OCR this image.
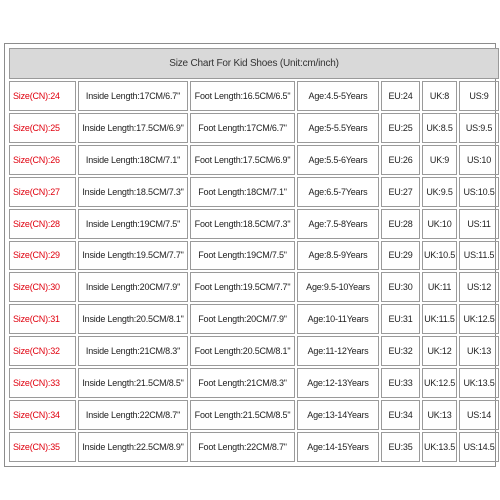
Size Chart For Kid Shoes (Unit:cm/inch)						
Size(CN):24	Inside Length:17CM/6.7"	Foot Length:16.5CM/6.5"	Age:4.5-5Years	EU:24	UK:8	US:9
Size(CN):25	Inside Length:17.5CM/6.9"	Foot Length:17CM/6.7"	Age:5-5.5Years	EU:25	UK:8.5	US:9.5
Size(CN):26	Inside Length:18CM/7.1"	Foot Length:17.5CM/6.9"	Age:5.5-6Years	EU:26	UK:9	US:10
Size(CN):27	Inside Length:18.5CM/7.3"	Foot Length:18CM/7.1"	Age:6.5-7Years	EU:27	UK:9.5	US:10.5
Size(CN):28	Inside Length:19CM/7.5"	Foot Length:18.5CM/7.3"	Age:7.5-8Years	EU:28	UK:10	US:11
Size(CN):29	Inside Length:19.5CM/7.7"	Foot Length:19CM/7.5"	Age:8.5-9Years	EU:29	UK:10.5	US:11.5
Size(CN):30	Inside Length:20CM/7.9"	Foot Length:19.5CM/7.7"	Age:9.5-10Years	EU:30	UK:11	US:12
Size(CN):31	Inside Length:20.5CM/8.1"	Foot Length:20CM/7.9"	Age:10-11Years	EU:31	UK:11.5	UK:12.5
Size(CN):32	Inside Length:21CM/8.3"	Foot Length:20.5CM/8.1"	Age:11-12Years	EU:32	UK:12	UK:13
Size(CN):33	Inside Length:21.5CM/8.5"	Foot Length:21CM/8.3"	Age:12-13Years	EU:33	UK:12.5	UK:13.5
Size(CN):34	Inside Length:22CM/8.7"	Foot Length:21.5CM/8.5"	Age:13-14Years	EU:34	UK:13	US:14
Size(CN):35	Inside Length:22.5CM/8.9"	Foot Length:22CM/8.7"	Age:14-15Years	EU:35	UK:13.5	US:14.5
